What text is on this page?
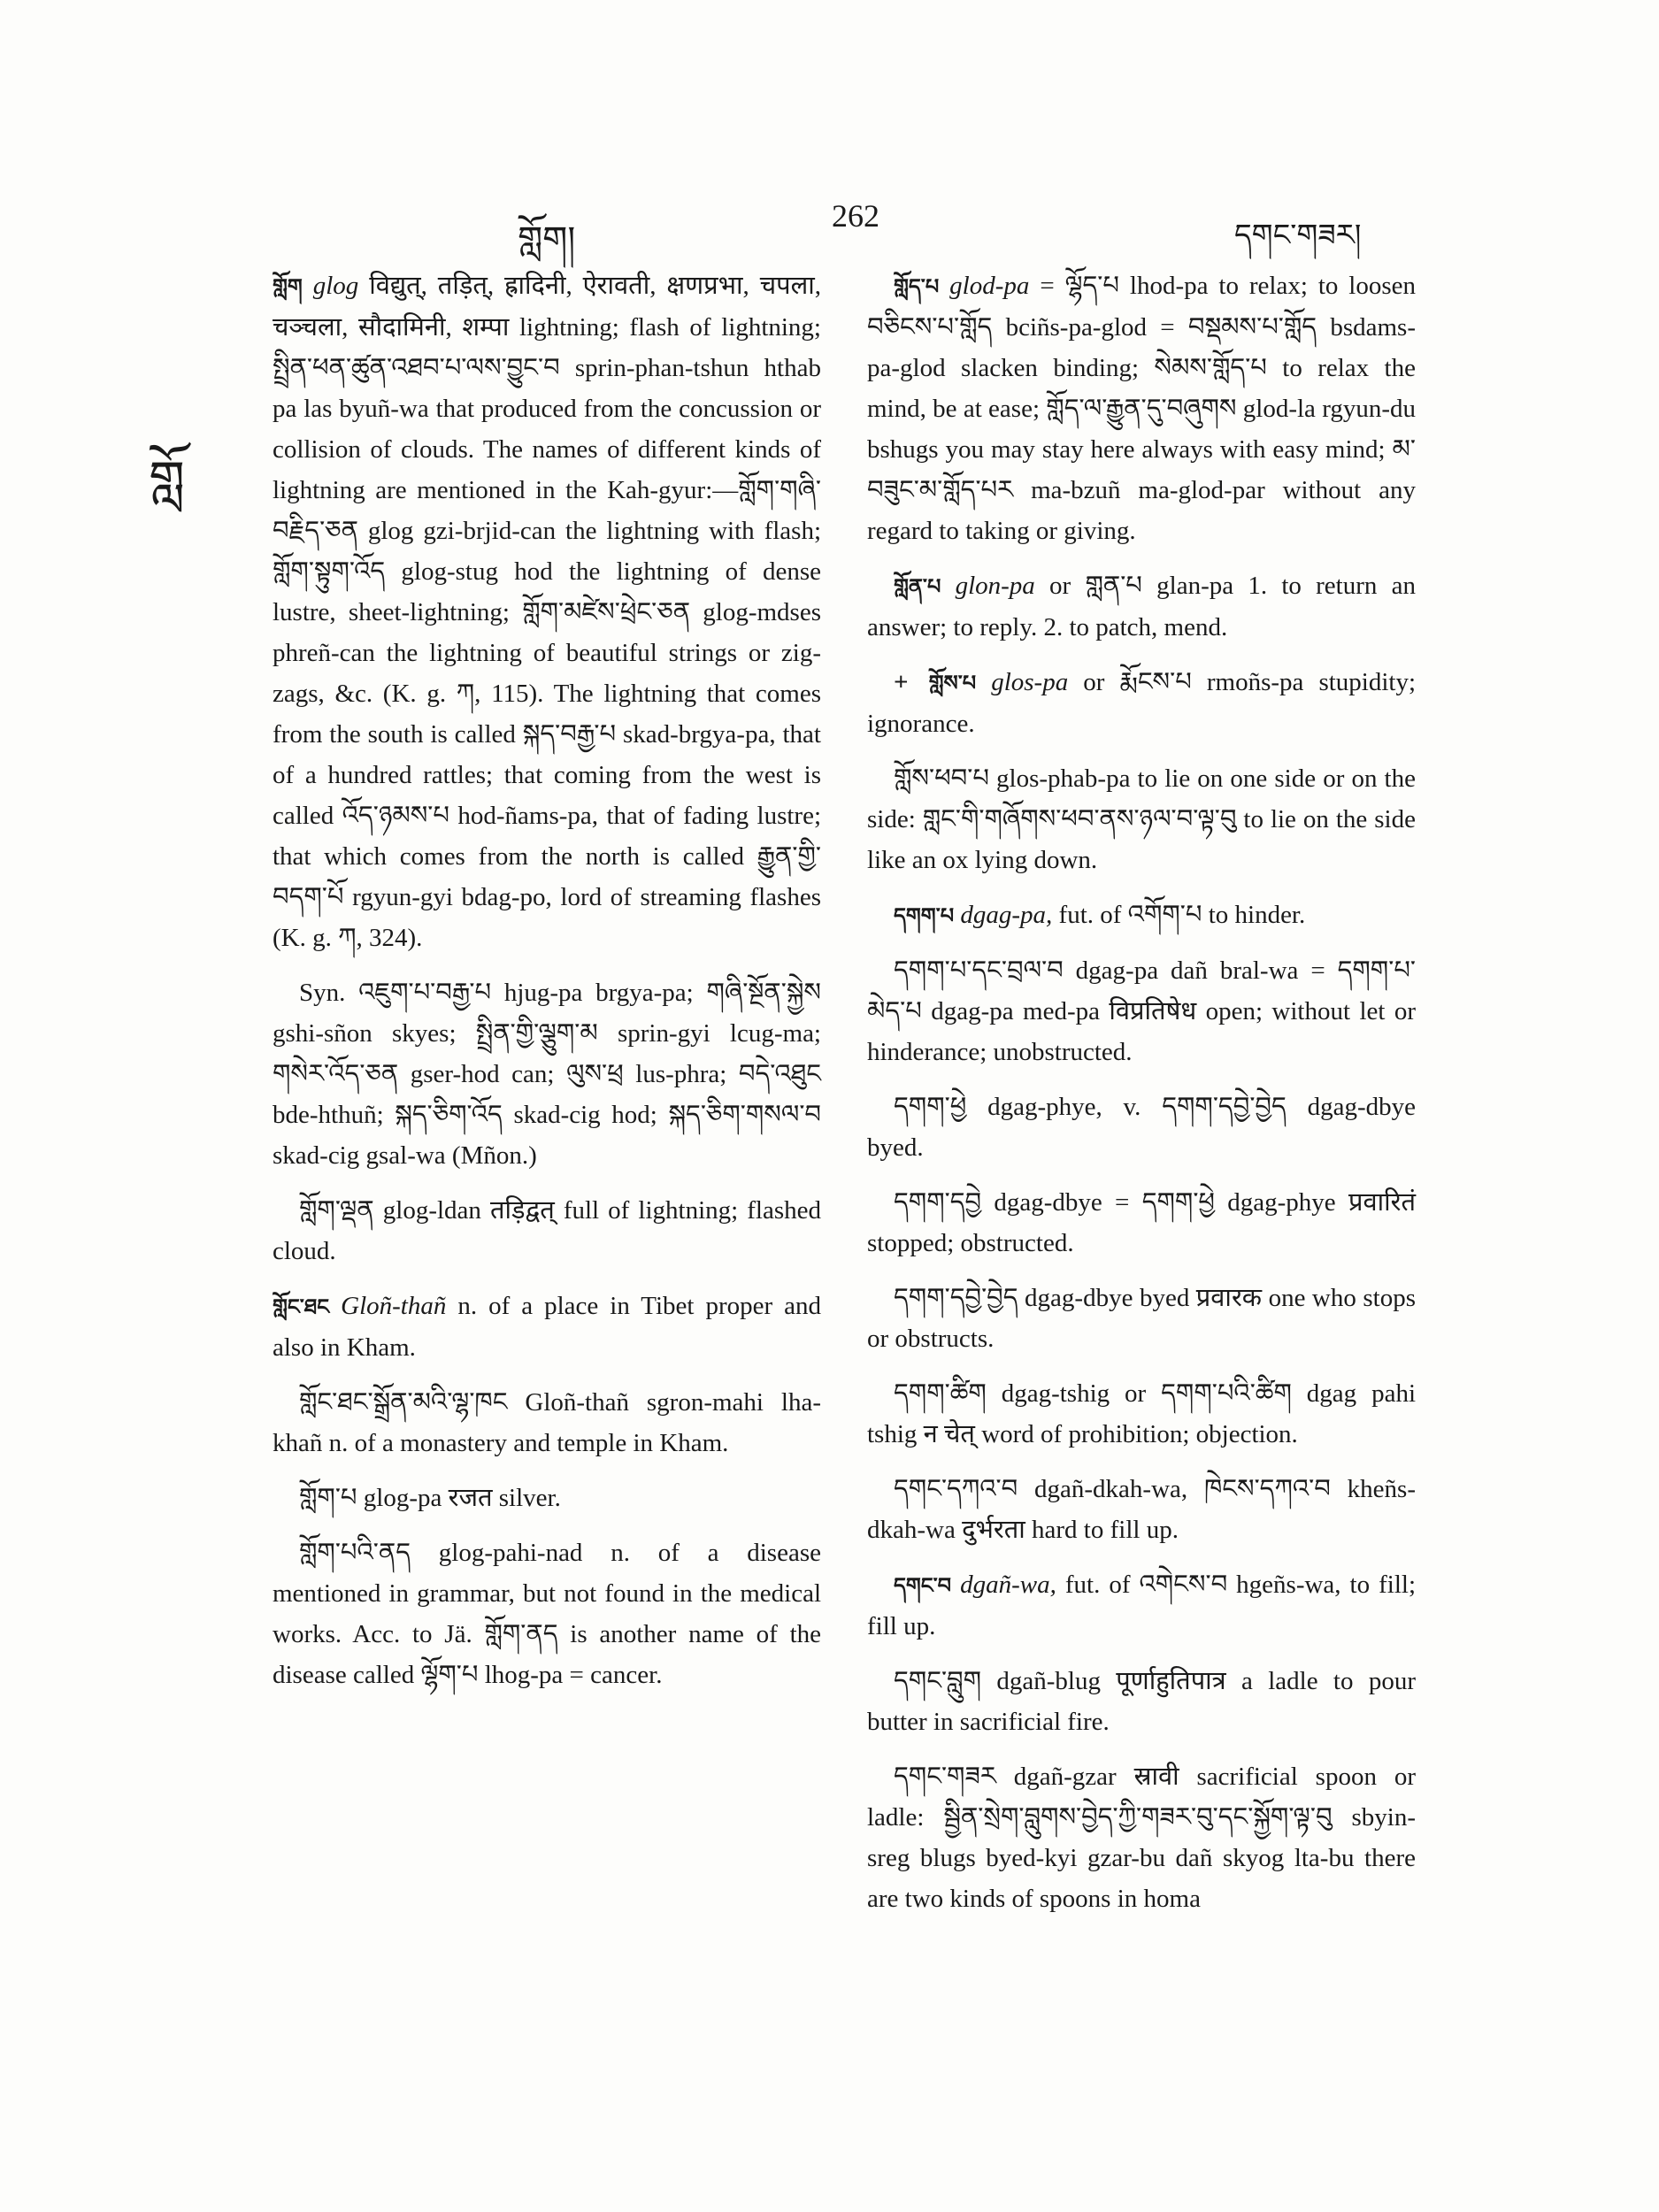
གློག།
262
དགང་གཟར།
གློ

གློག glog विद्युत्, तड़ित्, ह्रादिनी, ऐरावती, क्षणप्रभा, चपला, चञ्चला, सौदामिनी, शम्पा lightning; flash of lightning; སྤྲིན་ཕན་ཚུན་འཐབ་པ་ལས་བྱུང་བ sprin-phan-tshun hthab pa las byuñ-wa that produced from the concussion or collision of clouds. The names of different kinds of lightning are mentioned in the Kah-gyur:—གློག་གཞི་བརྗིད་ཅན glog gzi-brjid-can the lightning with flash; གློག་སྟུག་འོད glog-stug hod the lightning of dense lustre, sheet-lightning; གློག་མཛེས་ཕྲེང་ཅན glog-mdses phreñ-can the lightning of beautiful strings or zig-zags, &c. (K. g. ཀ, 115). The lightning that comes from the south is called སྐད་བརྒྱ་པ skad-brgya-pa, that of a hundred rattles; that coming from the west is called འོད་ཉམས་པ hod-ñams-pa, that of fading lustre; that which comes from the north is called རྒྱུན་གྱི་བདག་པོ rgyun-gyi bdag-po, lord of streaming flashes (K. g. ཀ, 324).

Syn. འཇུག་པ་བརྒྱ་པ hjug-pa brgya-pa; གཞི་སྔོན་སྐྱེས gshi-sñon skyes; སྤྲིན་གྱི་ལྕུག་མ sprin-gyi lcug-ma; གསེར་འོད་ཅན gser-hod can; ལུས་ཕྲ lus-phra; བདེ་འཐུང bde-hthuñ; སྐད་ཅིག་འོད skad-cig hod; སྐད་ཅིག་གསལ་བ skad-cig gsal-wa (Mñon.)

གློག་ལྡན glog-ldan तड़िद्वत् full of lightning; flashed cloud.

གློང་ཐང Gloñ-thañ n. of a place in Tibet proper and also in Kham.

གློང་ཐང་སྒྲོན་མའི་ལྷ་ཁང Gloñ-thañ sgron-mahi lha-khañ n. of a monastery and temple in Kham.

གློག་པ glog-pa रजत silver.

གློག་པའི་ནད glog-pahi-nad n. of a disease mentioned in grammar, but not found in the medical works. Acc. to Jä. གློག་ནད is another name of the disease called ལྷོག་པ lhog-pa = cancer.

གློད་པ glod-pa = ལྷོད་པ lhod-pa to relax; to loosen བཅིངས་པ་གློད bciñs-pa-glod = བསྡམས་པ་གློད bsdams-pa-glod slacken binding; སེམས་གློད་པ to relax the mind, be at ease; གློད་ལ་རྒྱུན་དུ་བཞུགས glod-la rgyun-du bshugs you may stay here always with easy mind; མ་བཟུང་མ་གློད་པར ma-bzuñ ma-glod-par without any regard to taking or giving.

གློན་པ glon-pa or གླན་པ glan-pa 1. to return an answer; to reply. 2. to patch, mend.

+ གློས་པ glos-pa or རྨོངས་པ rmoñs-pa stupidity; ignorance.

གློས་ཕབ་པ glos-phab-pa to lie on one side or on the side: གླང་གི་གཞོགས་ཕབ་ནས་ཉལ་བ་ལྟ་བུ to lie on the side like an ox lying down.

དགག་པ dgag-pa, fut. of འགོག་པ to hinder.

དགག་པ་དང་བྲལ་བ dgag-pa dañ bral-wa = དགག་པ་མེད་པ dgag-pa med-pa विप्रतिषेध open; without let or hinderance; unobstructed.

དགག་ཕྱེ dgag-phye, v. དགག་དབྱེ་བྱེད dgag-dbye byed.

དགག་དབྱེ dgag-dbye = དགག་ཕྱེ dgag-phye प्रवारितं stopped; obstructed.

དགག་དབྱེ་བྱེད dgag-dbye byed प्रवारक one who stops or obstructs.

དགག་ཚིག dgag-tshig or དགག་པའི་ཚིག dgag pahi tshig न चेत् word of prohibition; objection.

དགང་དཀའ་བ dgañ-dkah-wa, ཁེངས་དཀའ་བ kheñs-dkah-wa दुर्भरता hard to fill up.

དགང་བ dgañ-wa, fut. of འགེངས་བ hgeñs-wa, to fill; fill up.

དགང་བླུག dgañ-blug पूर्णाहुतिपात्र a ladle to pour butter in sacrificial fire.

དགང་གཟར dgañ-gzar स्रावी sacrificial spoon or ladle: སྦྱིན་སྲེག་བླུགས་བྱེད་ཀྱི་གཟར་བུ་དང་སྐྱོག་ལྟ་བུ sbyin-sreg blugs byed-kyi gzar-bu dañ skyog lta-bu there are two kinds of spoons in homa
